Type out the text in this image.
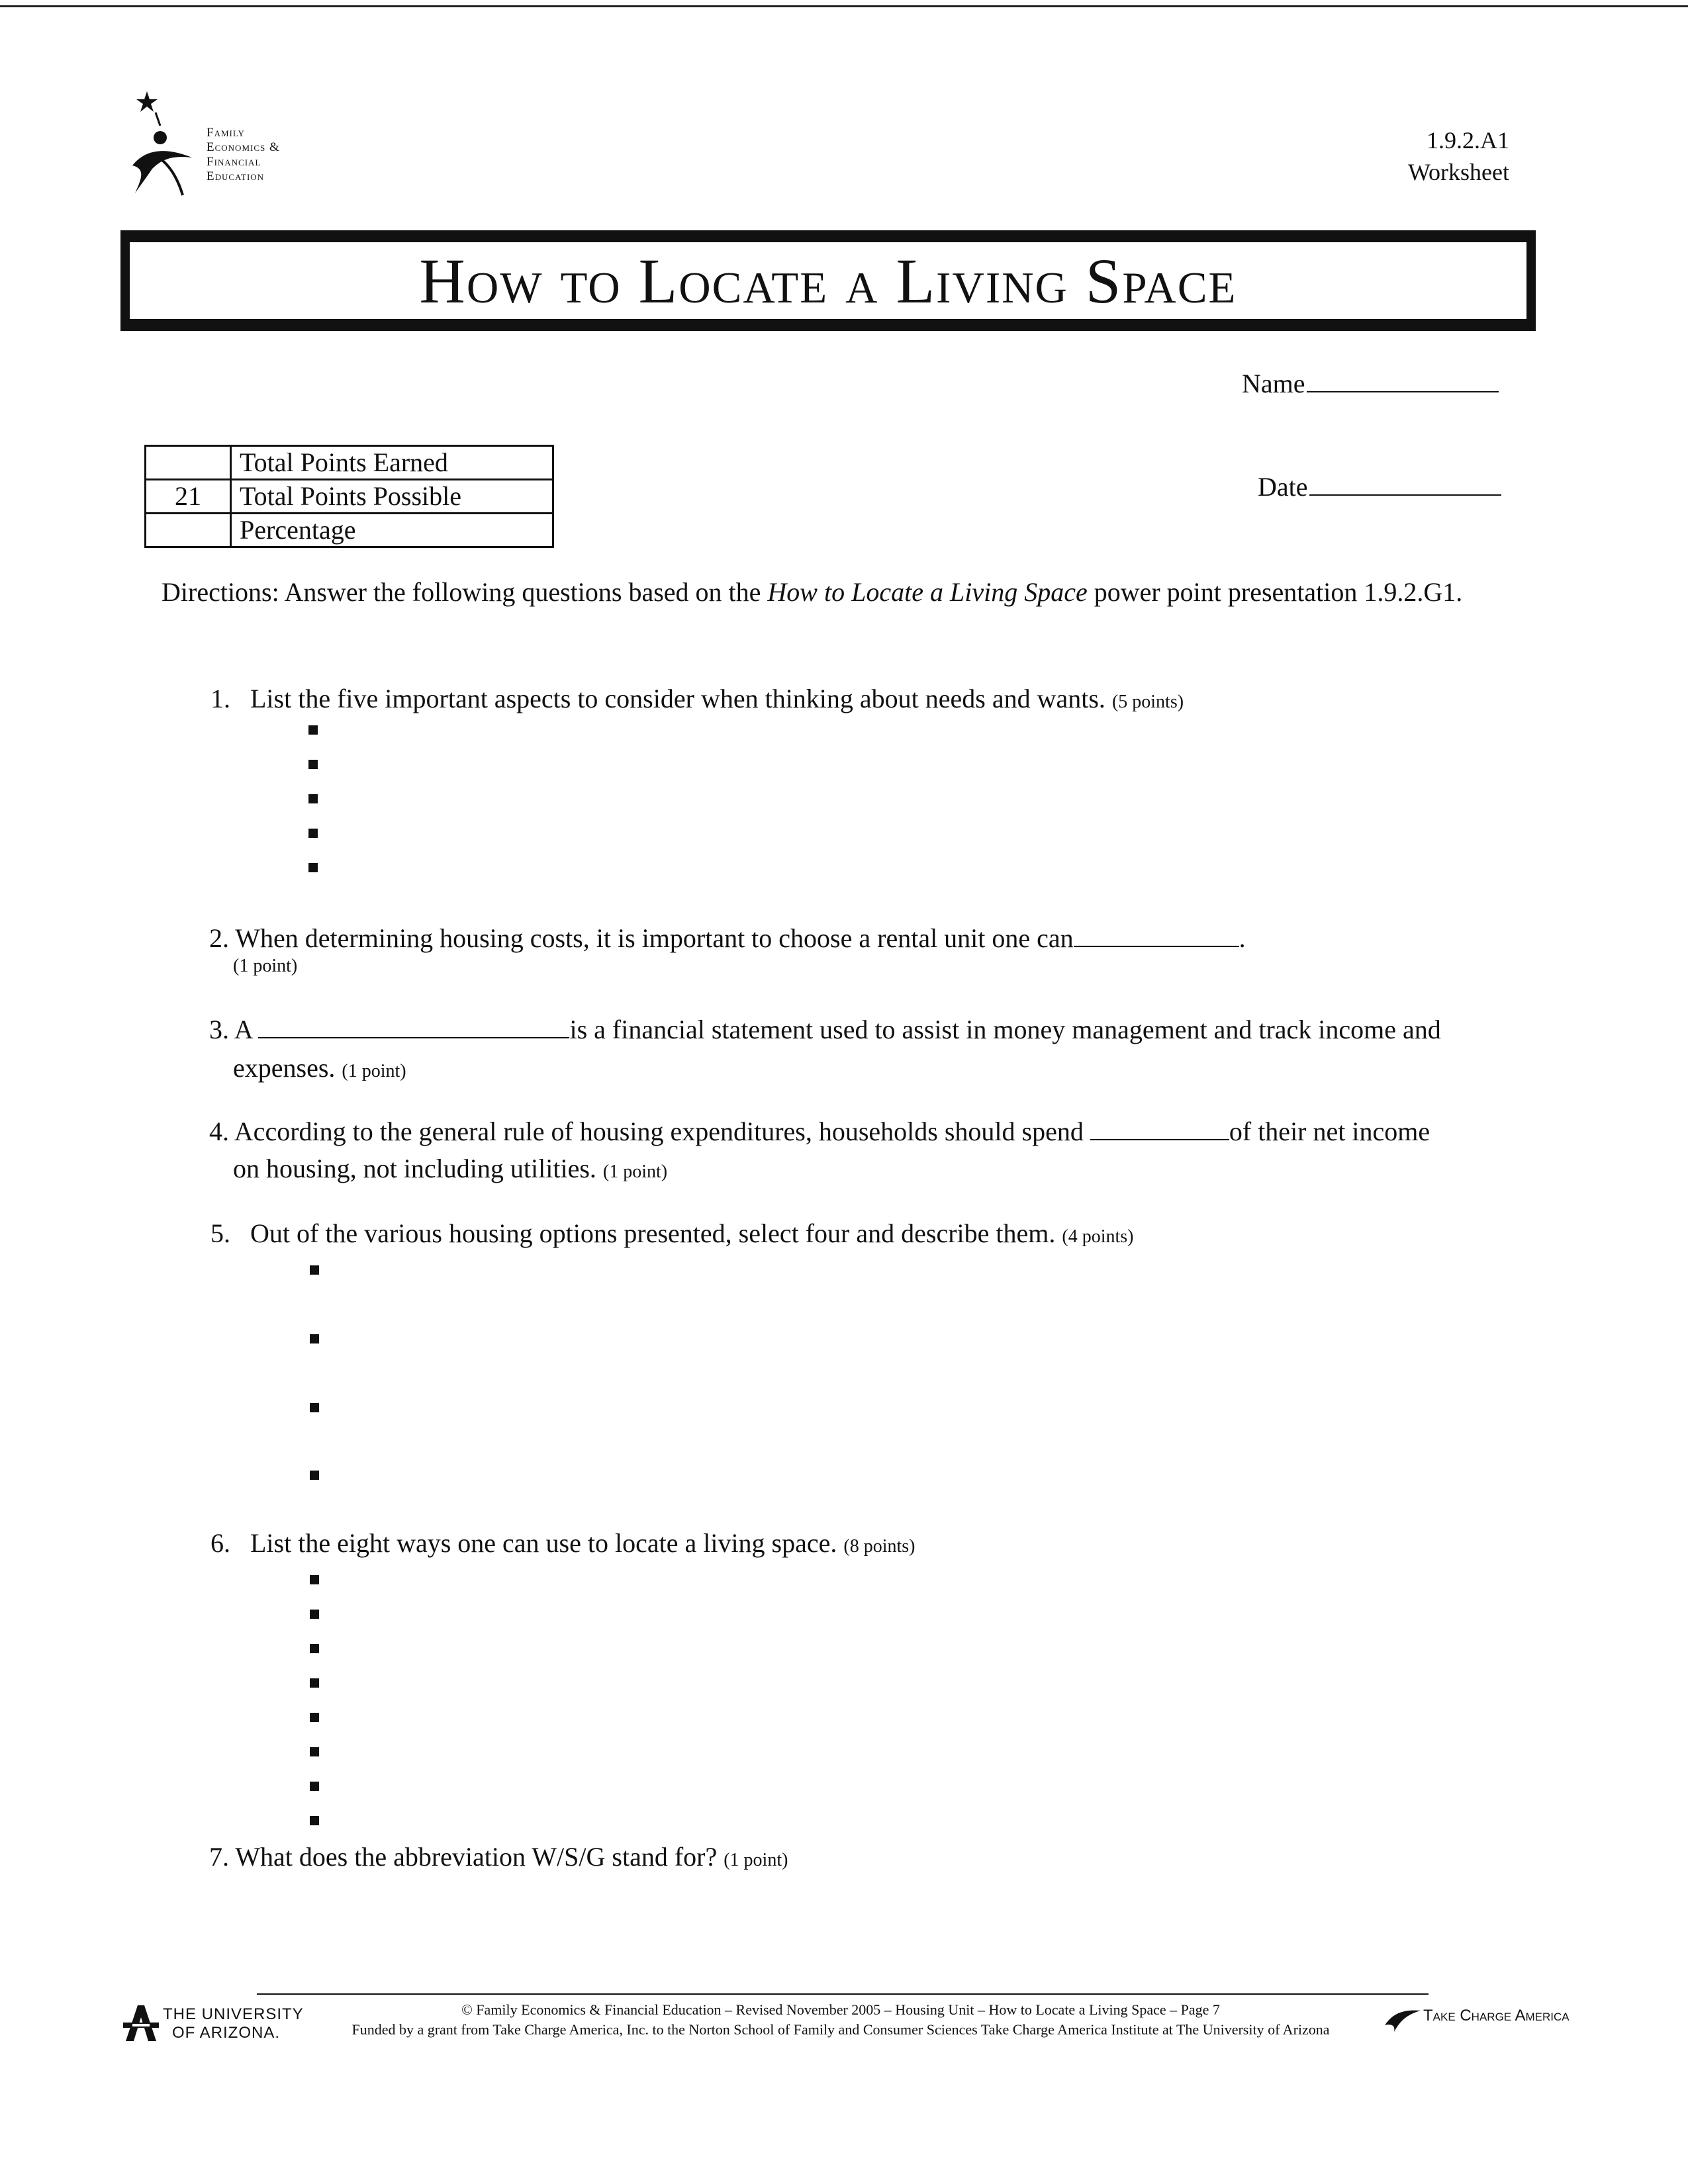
Family
Economics &
Financial
Education
1.9.2.A1
Worksheet
How to Locate a Living Space
Name
Date
	Total Points Earned
21	Total Points Possible
	Percentage
Directions: Answer the following questions based on the How to Locate a Living Space power point presentation 1.9.2.G1.
1. List the five important aspects to consider when thinking about needs and wants. (5 points)
2. When determining housing costs, it is important to choose a rental unit one can	.
(1 point)
3. A	is a financial statement used to assist in money management and track income and
expenses. (1 point)
4. According to the general rule of housing expenditures, households should spend	of their net income
on housing, not including utilities. (1 point)
5. Out of the various housing options presented, select four and describe them. (4 points)
6. List the eight ways one can use to locate a living space. (8 points)
7. What does the abbreviation W/S/G stand for? (1 point)
THE UNIVERSITY
OF ARIZONA.
© Family Economics & Financial Education – Revised November 2005 – Housing Unit – How to Locate a Living Space – Page 7
Funded by a grant from Take Charge America, Inc. to the Norton School of Family and Consumer Sciences Take Charge America Institute at The University of Arizona
Take Charge America
